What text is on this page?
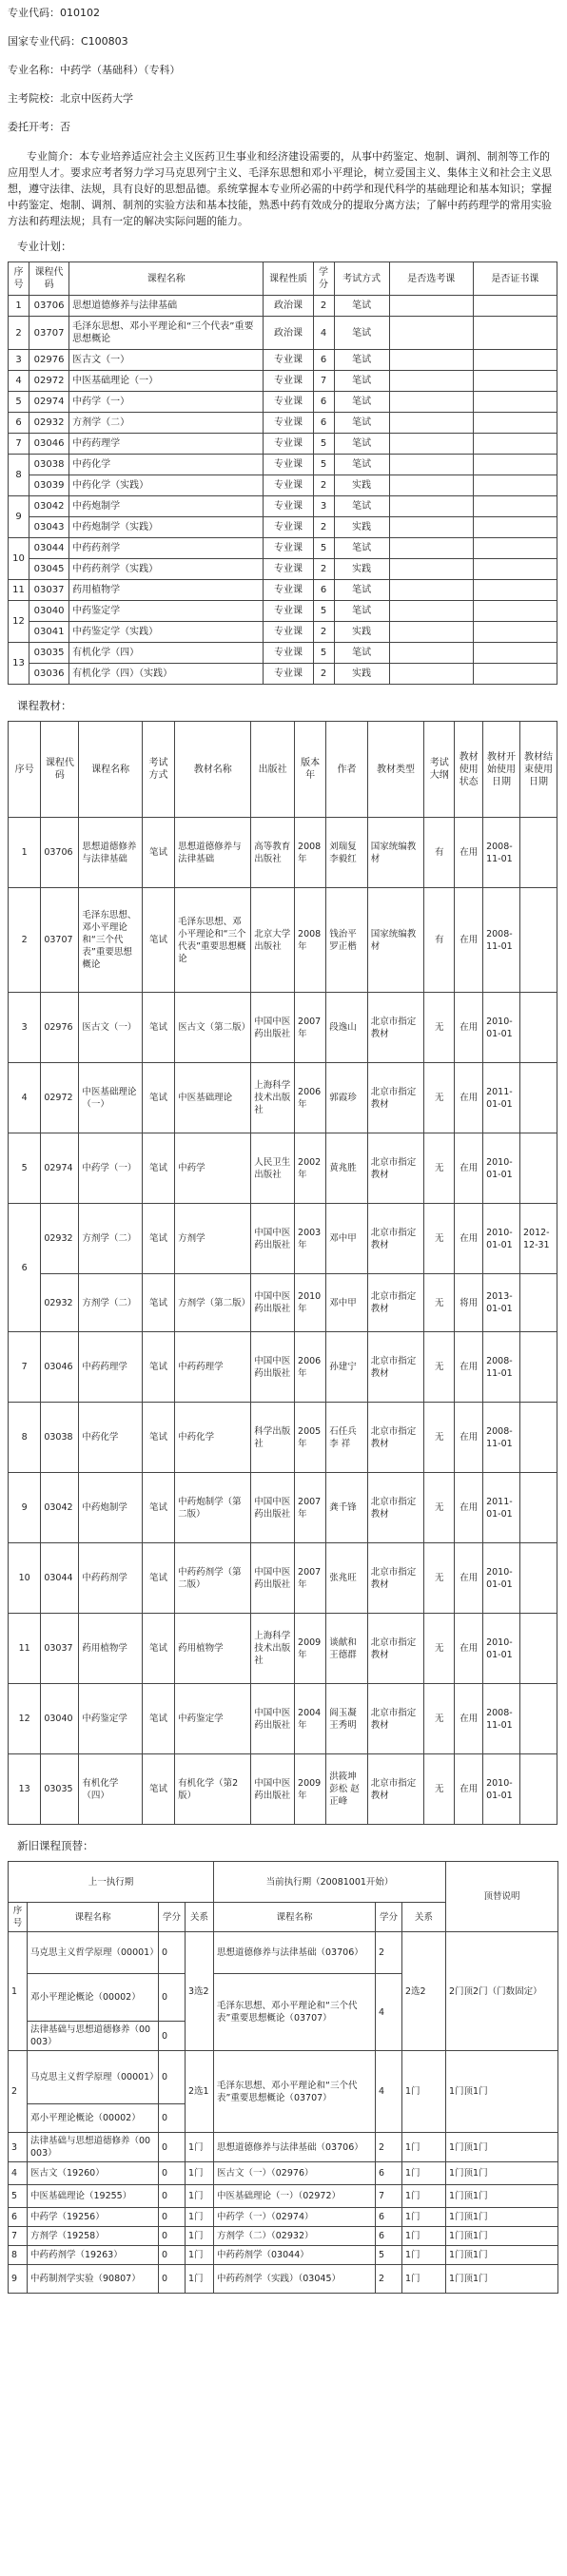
专业代码：010102

国家专业代码：C100803

专业名称：中药学（基础科）（专科）

主考院校：北京中医药大学

委托开考：否

专业简介：本专业培养适应社会主义医药卫生事业和经济建设需要的，从事中药鉴定、炮制、调剂、制剂等工作的应用型人才。要求应考者努力学习马克思列宁主义、毛泽东思想和邓小平理论，树立爱国主义、集体主义和社会主义思想，遵守法律、法规，具有良好的思想品德。系统掌握本专业所必需的中药学和现代科学的基础理论和基本知识；掌握中药鉴定、炮制、调剂、制剂的实验方法和基本技能，熟悉中药有效成分的提取分离方法；了解中药药理学的常用实验方法和药理法规；具有一定的解决实际问题的能力。
专业计划：
序号	课程代码	课程名称	课程性质	学分	考试方式	是否选考课	是否证书课
1	03706	思想道德修养与法律基础	政治课	2	笔试		
2	03707	毛泽东思想、邓小平理论和“三个代表”重要思想概论	政治课	4	笔试		
3	02976	医古文（一）	专业课	6	笔试		
4	02972	中医基础理论（一）	专业课	7	笔试		
5	02974	中药学（一）	专业课	6	笔试		
6	02932	方剂学（二）	专业课	6	笔试		
7	03046	中药药理学	专业课	5	笔试		
8	03038	中药化学	专业课	5	笔试		
	03039	中药化学（实践）	专业课	2	实践		
9	03042	中药炮制学	专业课	3	笔试		
	03043	中药炮制学（实践）	专业课	2	实践		
10	03044	中药药剂学	专业课	5	笔试		
	03045	中药药剂学（实践）	专业课	2	实践		
11	03037	药用植物学	专业课	6	笔试		
12	03040	中药鉴定学	专业课	5	笔试		
	03041	中药鉴定学（实践）	专业课	2	实践		
13	03035	有机化学（四）	专业课	5	笔试		
	03036	有机化学（四）（实践）	专业课	2	实践		
课程教材：
序号	课程代码	课程名称	考试方式	教材名称	出版社	版本年	作者	教材类型	考试大纲	教材使用状态	教材开始使用日期	教材结束使用日期
1	03706	思想道德修养与法律基础	笔试	思想道德修养与法律基础	高等教育出版社	2008年	刘瑞复 李毅红	国家统编教材	有	在用	2008-11-01	
2	03707	毛泽东思想、邓小平理论和“三个代表”重要思想概论	笔试	毛泽东思想、邓小平理论和“三个代表”重要思想概论	北京大学出版社	2008年	钱治平 罗正楷	国家统编教材	有	在用	2008-11-01	
3	02976	医古文（一）	笔试	医古文（第二版）	中国中医药出版社	2007年	段逸山	北京市指定教材	无	在用	2010-01-01	
4	02972	中医基础理论（一）	笔试	中医基础理论	上海科学技术出版社	2006年	郭霞珍	北京市指定教材	无	在用	2011-01-01	
5	02974	中药学（一）	笔试	中药学	人民卫生出版社	2002年	黄兆胜	北京市指定教材	无	在用	2010-01-01	
6	02932	方剂学（二）	笔试	方剂学	中国中医药出版社	2003年	邓中甲	北京市指定教材	无	在用	2010-01-01	2012-12-31
	02932	方剂学（二）	笔试	方剂学（第二版）	中国中医药出版社	2010年	邓中甲	北京市指定教材	无	将用	2013-01-01	
7	03046	中药药理学	笔试	中药药理学	中国中医药出版社	2006年	孙建宁	北京市指定教材	无	在用	2008-11-01	
8	03038	中药化学	笔试	中药化学	科学出版社	2005年	石任兵 李 祥	北京市指定教材	无	在用	2008-11-01	
9	03042	中药炮制学	笔试	中药炮制学（第二版）	中国中医药出版社	2007年	龚千锋	北京市指定教材	无	在用	2011-01-01	
10	03044	中药药剂学	笔试	中药药剂学（第二版）	中国中医药出版社	2007年	张兆旺	北京市指定教材	无	在用	2010-01-01	
11	03037	药用植物学	笔试	药用植物学	上海科学技术出版社	2009年	谈献和 王德群	北京市指定教材	无	在用	2010-01-01	
12	03040	中药鉴定学	笔试	中药鉴定学	中国中医药出版社	2004年	阎玉凝 王秀明	北京市指定教材	无	在用	2008-11-01	
13	03035	有机化学（四）	笔试	有机化学（第2版）	中国中医药出版社	2009年	洪筱坤 彭松 赵正峰	北京市指定教材	无	在用	2010-01-01	
新旧课程顶替：
上一执行期				当前执行期（20081001开始）			顶替说明
序号	课程名称	学分	关系	课程名称	学分	关系	
1	马克思主义哲学原理（00001）	0	3选2	思想道德修养与法律基础（03706）	2	2选2	2门顶2门（门数固定）
	邓小平理论概论（00002）	0		毛泽东思想、邓小平理论和“三个代表”重要思想概论（03707）	4		
	法律基础与思想道德修养（00003）	0					
2	马克思主义哲学原理（00001）	0	2选1	毛泽东思想、邓小平理论和“三个代表”重要思想概论（03707）	4	1门	1门顶1门
	邓小平理论概论（00002）	0					
3	法律基础与思想道德修养（00003）	0	1门	思想道德修养与法律基础（03706）	2	1门	1门顶1门
4	医古文（19260）	0	1门	医古文（一）（02976）	6	1门	1门顶1门
5	中医基础理论（19255）	0	1门	中医基础理论（一）（02972）	7	1门	1门顶1门
6	中药学（19256）	0	1门	中药学（一）（02974）	6	1门	1门顶1门
7	方剂学（19258）	0	1门	方剂学（二）（02932）	6	1门	1门顶1门
8	中药药剂学（19263）	0	1门	中药药剂学（03044）	5	1门	1门顶1门
9	中药制剂学实验（90807）	0	1门	中药药剂学（实践）（03045）	2	1门	1门顶1门
